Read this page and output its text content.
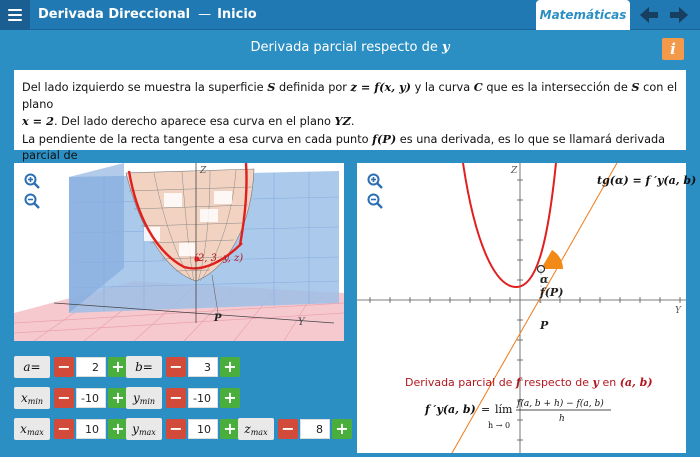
Derivada Direccional — Inicio	Matemáticas
Derivada parcial respecto de y	i
Del lado izquierdo se muestra la superficie S definida por z = f(x, y) y la curva C que es la intersección de S con el plano
x = 2. Del lado derecho aparece esa curva en el plano YZ.
La pendiente de la recta tangente a esa curva en cada punto f(P) es una derivada, es lo que se llamará derivada parcial de
Z
Y
(2, 3, y, z)
P
Z
Y
α
f(P)
P
tg(α) = f ′y(a, b)
Derivada parcial de f respecto de y en (a, b)
f ′y(a, b) = lím
h → 0
f(a, b + h) − f(a, b)
h
a=	−	2 + b=	−	3 +
$x_{min} - -10 + y_{min} - -10$ +
$x_{max}$ −	$10 + y_{max}$ −	$10 + z_{max}$ −	8 +
